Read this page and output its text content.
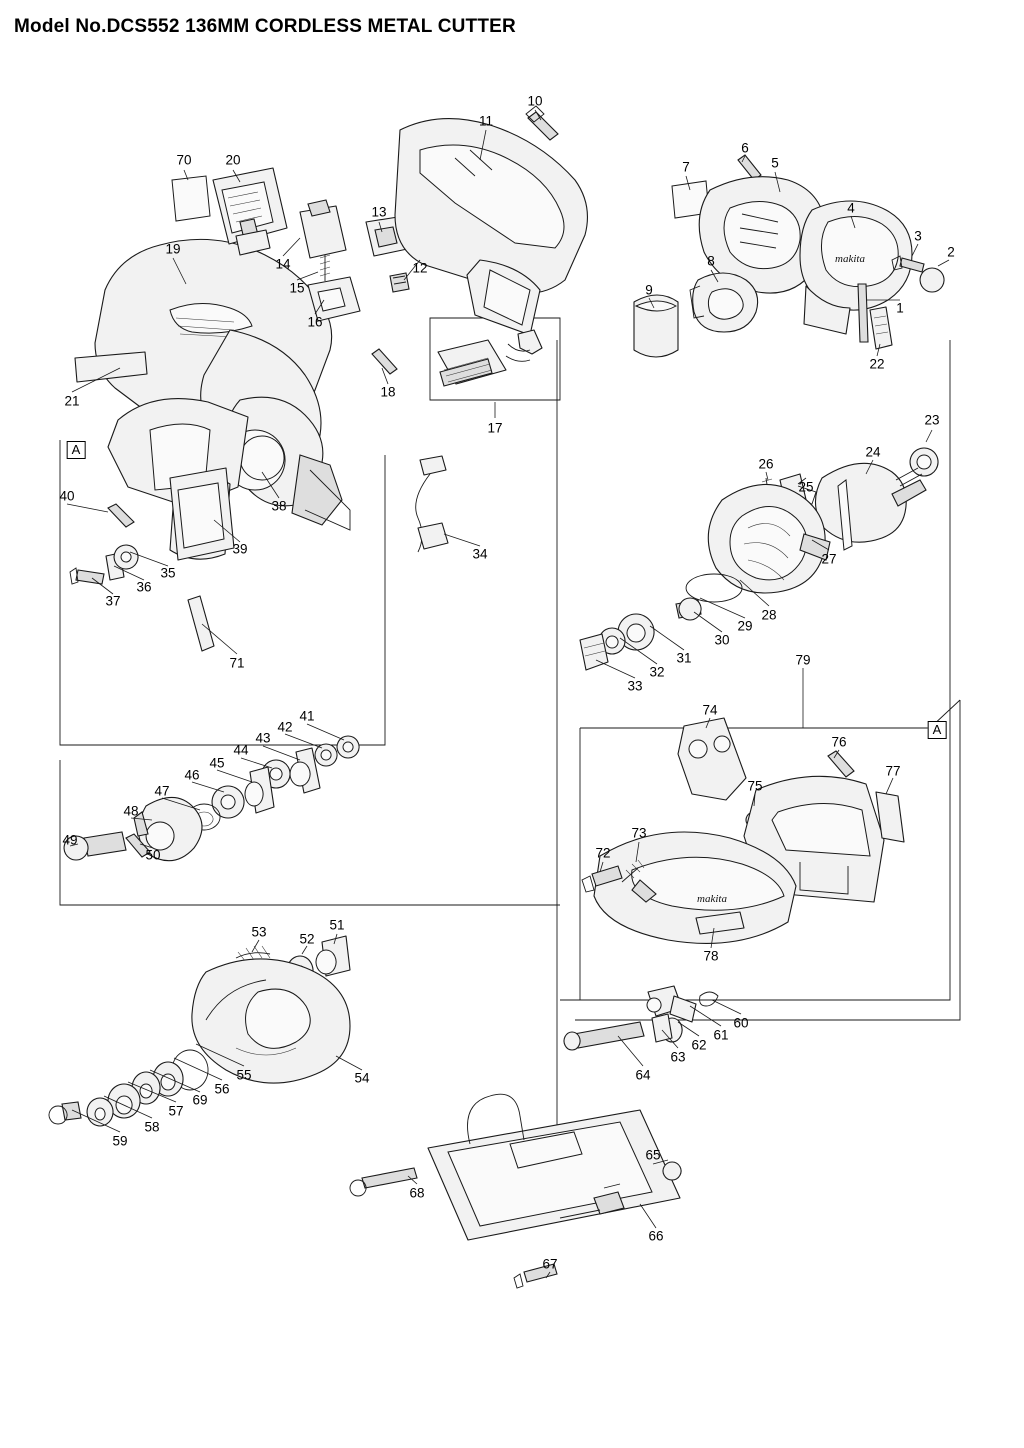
Model No.DCS552 136MM CORDLESS METAL CUTTER
makita
makita
1
2
3
4
5
6
7
8
9
10
11
12
13
14
15
16
17
18
19
20
21
22
23
24
25
26
27
28
29
30
31
32
33
34
35
36
37
38
39
40
41
42
43
44
45
46
47
48
49
50
51
52
53
54
55
56
57
58
59
60
61
62
63
64
65
66
67
68
69
70
71
72
73
74
75
76
77
78
79
A
A
